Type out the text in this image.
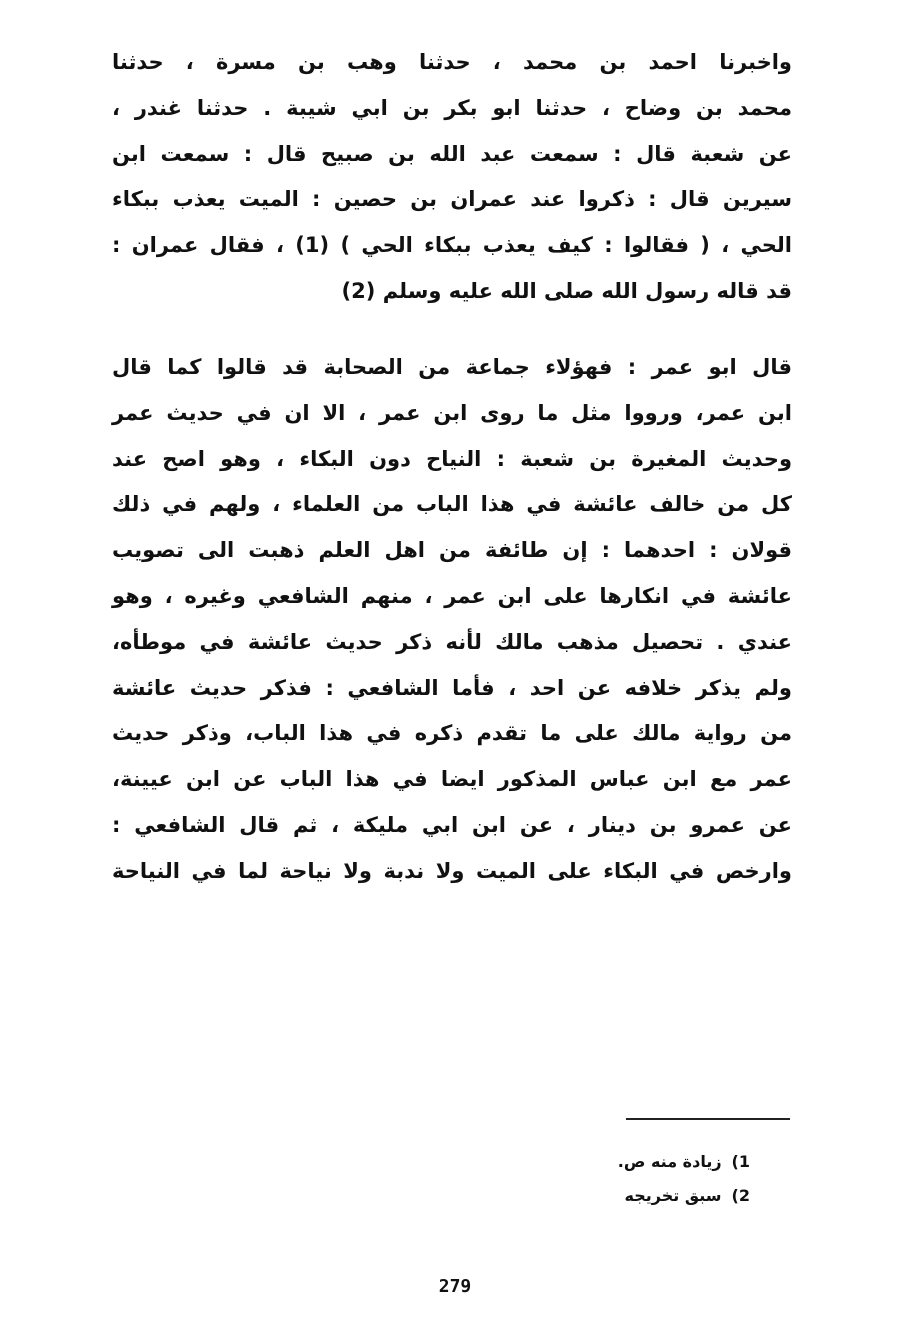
واخبرنا احمد بن محمد ، حدثنا وهب بن مسرة ، حدثنا
محمد بن وضاح ، حدثنا ابو بكر بن ابي شيبة . حدثنا غندر ،
عن شعبة قال : سمعت عبد الله بن صبيح قال : سمعت ابن
سيرين قال : ذكروا عند عمران بن حصين : الميت يعذب ببكاء
الحي ، ( فقالوا : كيف يعذب ببكاء الحي ) (1) ، فقال عمران :
قد قاله رسول الله صلى الله عليه وسلم (2)
قال ابو عمر : فهؤلاء جماعة من الصحابة قد قالوا كما قال
ابن عمر، ورووا مثل ما روى ابن عمر ، الا ان في حديث عمر
وحديث المغيرة بن شعبة : النياح دون البكاء ، وهو اصح عند
كل من خالف عائشة في هذا الباب من العلماء ، ولهم في ذلك
قولان : احدهما : إن طائفة من اهل العلم ذهبت الى تصويب
عائشة في انكارها على ابن عمر ، منهم الشافعي وغيره ، وهو
عندي . تحصيل مذهب مالك لأنه ذكر حديث عائشة في موطأه،
ولم يذكر خلافه عن احد ، فأما الشافعي : فذكر حديث عائشة
من رواية مالك على ما تقدم ذكره في هذا الباب، وذكر حديث
عمر مع ابن عباس المذكور ايضا في هذا الباب عن ابن عيينة،
عن عمرو بن دينار ، عن ابن ابي مليكة ، ثم قال الشافعي :
وارخص في البكاء على الميت ولا ندبة ولا نياحة لما في النياحة
1)
زيادة منه ص.
2)
سبق تخريجه
279
